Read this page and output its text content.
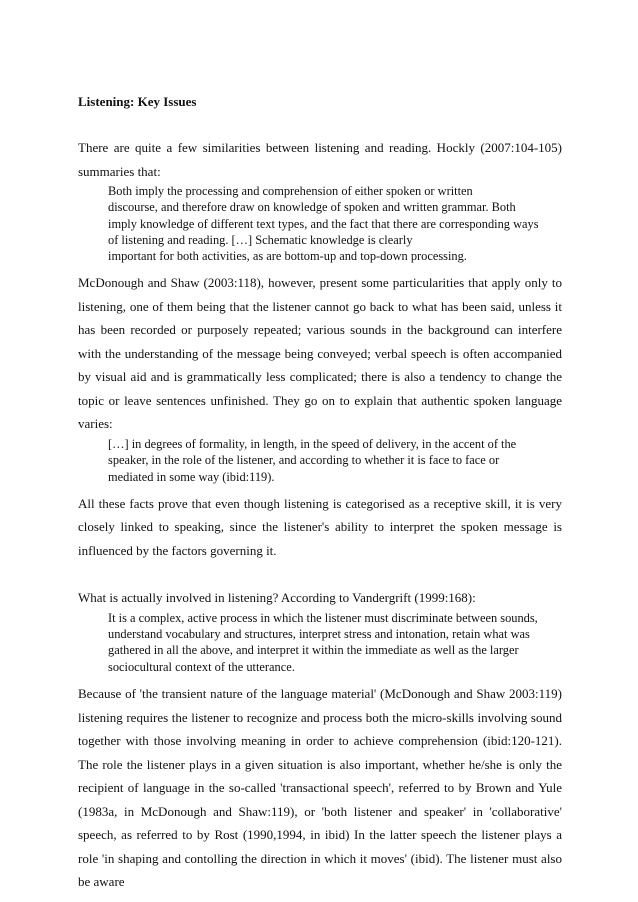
Listening: Key Issues

There are quite a few similarities between listening and reading. Hockly (2007:104-105) summaries that:

Both imply the processing and comprehension of either spoken or written
discourse, and therefore draw on knowledge of spoken and written grammar. Both
imply knowledge of different text types, and the fact that there are corresponding ways
of listening and reading. […] Schematic knowledge is clearly
important for both activities, as are bottom-up and top-down processing.

McDonough and Shaw (2003:118), however, present some particularities that apply only to listening, one of them being that the listener cannot go back to what has been said, unless it has been recorded or purposely repeated; various sounds in the background can interfere with the understanding of the message being conveyed; verbal speech is often accompanied by visual aid and is grammatically less complicated; there is also a tendency to change the topic or leave sentences unfinished. They go on to explain that authentic spoken language varies:

[…] in degrees of formality, in length, in the speed of delivery, in the accent of the
speaker, in the role of the listener, and according to whether it is face to face or
mediated in some way (ibid:119).

All these facts prove that even though listening is categorised as a receptive skill, it is very closely linked to speaking, since the listener's ability to interpret the spoken message is influenced by the factors governing it.

What is actually involved in listening? According to Vandergrift (1999:168):

It is a complex, active process in which the listener must discriminate between sounds,
understand vocabulary and structures, interpret stress and intonation, retain what was
gathered in all the above, and interpret it within the immediate as well as the larger
sociocultural context of the utterance.

Because of 'the transient nature of the language material' (McDonough and Shaw 2003:119) listening requires the listener to recognize and process both the micro-skills involving sound together with those involving meaning in order to achieve comprehension (ibid:120-121). The role the listener plays in a given situation is also important, whether he/she is only the recipient of language in the so-called 'transactional speech', referred to by Brown and Yule (1983a, in McDonough and Shaw:119), or 'both listener and speaker' in 'collaborative' speech, as referred to by Rost (1990,1994, in ibid) In the latter speech the listener plays a role 'in shaping and contolling the direction in which it moves' (ibid). The listener must also be aware
